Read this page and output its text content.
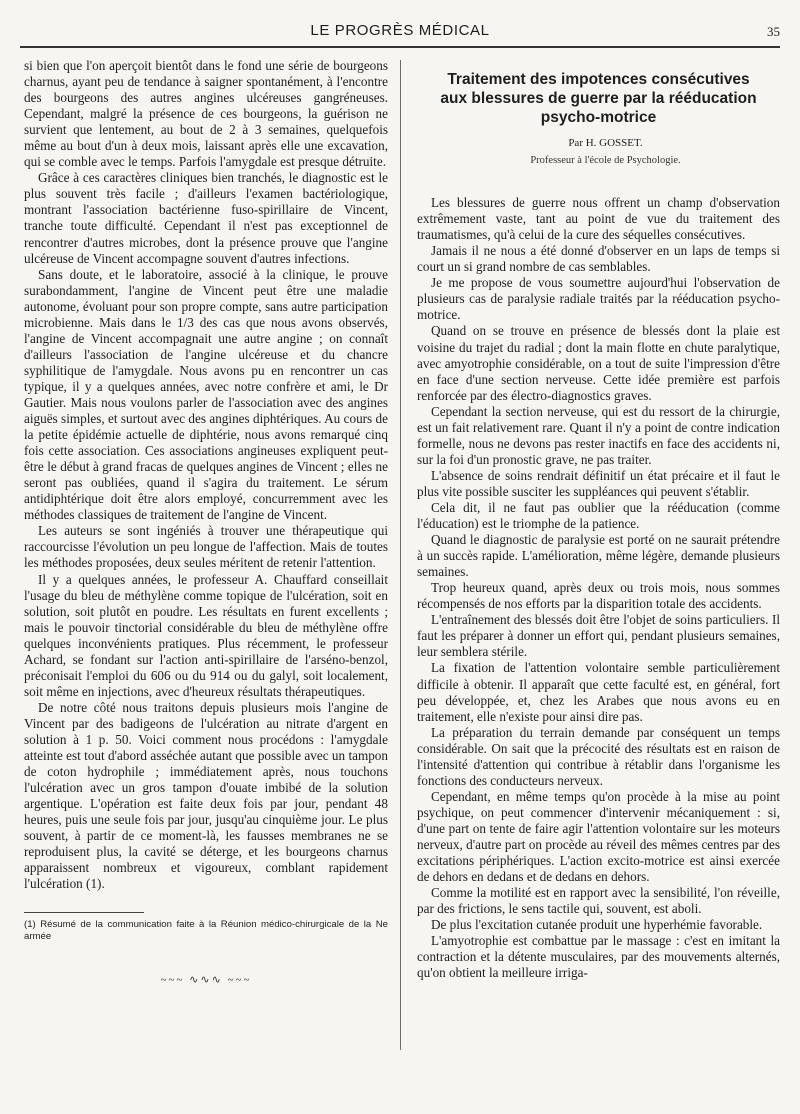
LE PROGRÈS MÉDICAL	35

si bien que l'on aperçoit bientôt dans le fond une série de bourgeons charnus, ayant peu de tendance à saigner spontanément, à l'encontre des bourgeons des autres angines ulcéreuses gangréneuses. Cependant, malgré la présence de ces bourgeons, la guérison ne survient que lentement, au bout de 2 à 3 semaines, quelquefois même au bout d'un à deux mois, laissant après elle une excavation, qui se comble avec le temps. Parfois l'amygdale est presque détruite.

Grâce à ces caractères cliniques bien tranchés, le diagnostic est le plus souvent très facile ; d'ailleurs l'examen bactériologique, montrant l'association bactérienne fuso-spirillaire de Vincent, tranche toute difficulté. Cependant il n'est pas exceptionnel de rencontrer d'autres microbes, dont la présence prouve que l'angine ulcéreuse de Vincent accompagne souvent d'autres infections.

Sans doute, et le laboratoire, associé à la clinique, le prouve surabondamment, l'angine de Vincent peut être une maladie autonome, évoluant pour son propre compte, sans autre participation microbienne. Mais dans le 1/3 des cas que nous avons observés, l'angine de Vincent accompagnait une autre angine ; on connaît d'ailleurs l'association de l'angine ulcéreuse et du chancre syphilitique de l'amygdale. Nous avons pu en rencontrer un cas typique, il y a quelques années, avec notre confrère et ami, le Dr Gautier. Mais nous voulons parler de l'association avec des angines aiguës simples, et surtout avec des angines diphtériques. Au cours de la petite épidémie actuelle de diphtérie, nous avons remarqué cinq fois cette association. Ces associations angineuses expliquent peut-être le début à grand fracas de quelques angines de Vincent ; elles ne seront pas oubliées, quand il s'agira du traitement. Le sérum antidiphtérique doit être alors employé, concurremment avec les méthodes classiques de traitement de l'angine de Vincent.

Les auteurs se sont ingéniés à trouver une thérapeutique qui raccourcisse l'évolution un peu longue de l'affection. Mais de toutes les méthodes proposées, deux seules méritent de retenir l'attention.

Il y a quelques années, le professeur A. Chauffard conseillait l'usage du bleu de méthylène comme topique de l'ulcération, soit en solution, soit plutôt en poudre. Les résultats en furent excellents ; mais le pouvoir tinctorial considérable du bleu de méthylène offre quelques inconvénients pratiques. Plus récemment, le professeur Achard, se fondant sur l'action anti-spirillaire de l'arséno-benzol, préconisait l'emploi du 606 ou du 914 ou du galyl, soit localement, soit même en injections, avec d'heureux résultats thérapeutiques.

De notre côté nous traitons depuis plusieurs mois l'angine de Vincent par des badigeons de l'ulcération au nitrate d'argent en solution à 1 p. 50. Voici comment nous procédons : l'amygdale atteinte est tout d'abord asséchée autant que possible avec un tampon de coton hydrophile ; immédiatement après, nous touchons l'ulcération avec un gros tampon d'ouate imbibé de la solution argentique. L'opération est faite deux fois par jour, pendant 48 heures, puis une seule fois par jour, jusqu'au cinquième jour. Le plus souvent, à partir de ce moment-là, les fausses membranes ne se reproduisent plus, la cavité se déterge, et les bourgeons charnus apparaissent nombreux et vigoureux, comblant rapidement l'ulcération (1).

(1) Résumé de la communication faite à la Réunion médico-chirurgicale de la Ne armée

~~~ ∿∿∿ ~~~
Traitement des impotences consécutives
aux blessures de guerre par la rééducation
psycho-motrice

Par H. GOSSET.

Professeur à l'école de Psychologie.

Les blessures de guerre nous offrent un champ d'observation extrêmement vaste, tant au point de vue du traitement des traumatismes, qu'à celui de la cure des séquelles consécutives.

Jamais il ne nous a été donné d'observer en un laps de temps si court un si grand nombre de cas semblables.

Je me propose de vous soumettre aujourd'hui l'observation de plusieurs cas de paralysie radiale traités par la rééducation psycho-motrice.

Quand on se trouve en présence de blessés dont la plaie est voisine du trajet du radial ; dont la main flotte en chute paralytique, avec amyotrophie considérable, on a tout de suite l'impression d'être en face d'une section nerveuse. Cette idée première est parfois renforcée par des électro-diagnostics graves.

Cependant la section nerveuse, qui est du ressort de la chirurgie, est un fait relativement rare. Quant il n'y a point de contre indication formelle, nous ne devons pas rester inactifs en face des accidents ni, sur la foi d'un pronostic grave, ne pas traiter.

L'absence de soins rendrait définitif un état précaire et il faut le plus vite possible susciter les suppléances qui peuvent s'établir.

Cela dit, il ne faut pas oublier que la rééducation (comme l'éducation) est le triomphe de la patience.

Quand le diagnostic de paralysie est porté on ne saurait prétendre à un succès rapide. L'amélioration, même légère, demande plusieurs semaines.

Trop heureux quand, après deux ou trois mois, nous sommes récompensés de nos efforts par la disparition totale des accidents.

L'entraînement des blessés doit être l'objet de soins particuliers. Il faut les préparer à donner un effort qui, pendant plusieurs semaines, leur semblera stérile.

La fixation de l'attention volontaire semble particulièrement difficile à obtenir. Il apparaît que cette faculté est, en général, fort peu développée, et, chez les Arabes que nous avons eu en traitement, elle n'existe pour ainsi dire pas.

La préparation du terrain demande par conséquent un temps considérable. On sait que la précocité des résultats est en raison de l'intensité d'attention qui contribue à rétablir dans l'organisme les fonctions des conducteurs nerveux.

Cependant, en même temps qu'on procède à la mise au point psychique, on peut commencer d'intervenir mécaniquement : si, d'une part on tente de faire agir l'attention volontaire sur les moteurs nerveux, d'autre part on procède au réveil des mêmes centres par des excitations périphériques. L'action excito-motrice est ainsi exercée de dehors en dedans et de dedans en dehors.

Comme la motilité est en rapport avec la sensibilité, l'on réveille, par des frictions, le sens tactile qui, souvent, est aboli.

De plus l'excitation cutanée produit une hyperhémie favorable.

L'amyotrophie est combattue par le massage : c'est en imitant la contraction et la détente musculaires, par des mouvements alternés, qu'on obtient la meilleure irriga-
